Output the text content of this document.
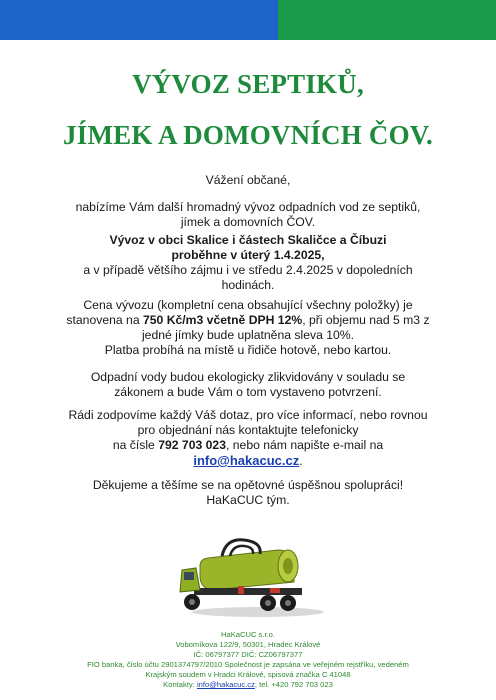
VÝVOZ SEPTIKŮ,
JÍMEK A DOMOVNÍCH ČOV.

Vážení občané,

nabízíme Vám další hromadný vývoz odpadních vod ze septiků,

jímek a domovních ČOV.

Vývoz v obci Skalice i částech Skaličce a Číbuzi

proběhne v úterý 1.4.2025,

a v případě většího zájmu i ve středu 2.4.2025 v dopoledních

hodinách.

Cena vývozu (kompletní cena obsahující všechny položky) je

stanovena na 750 Kč/m3 včetně DPH 12%, při objemu nad 5 m3 z

jedné jímky bude uplatněna sleva 10%.

Platba probíhá na místě u řidiče hotově, nebo kartou.

Odpadní vody budou ekologicky zlikvidovány v souladu se

zákonem a bude Vám o tom vystaveno potvrzení.

Rádi zodpovíme každý Váš dotaz, pro více informací, nebo rovnou

pro objednání nás kontaktujte telefonicky

na čísle 792 703 023, nebo nám napište e-mail na

info@hakacuc.cz.

Děkujeme a těšíme se na opětovné úspěšnou spolupráci!

HaKaCUC tým.

HaKaCUC s.r.o.

Vobomíkova 122/9, 50301, Hradec Králové

IČ: 06797377 DIČ: CZ06797377

FIO banka, číslo účtu 2901374797/2010 Společnost je zapsána ve veřejném rejstříku, vedeném

Krajským soudem v Hradci Králové, spisová značka C 41048

Kontakty: info@hakacuc.cz, tel. +420 792 703 023
